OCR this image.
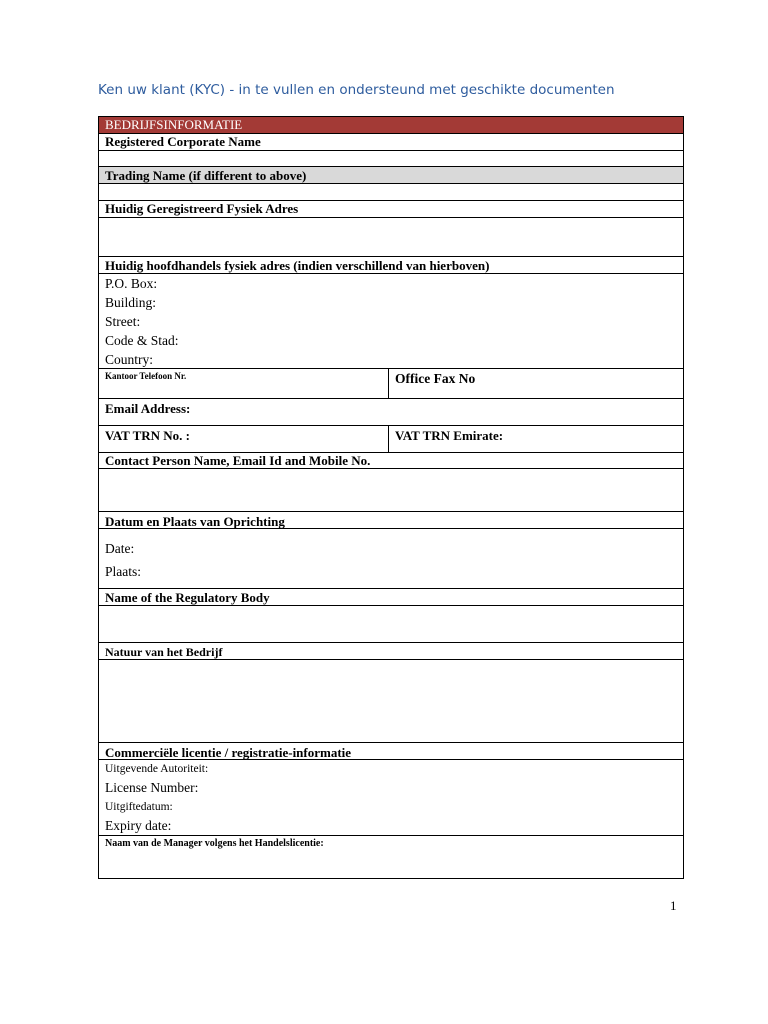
Ken uw klant (KYC) - in te vullen en ondersteund met geschikte documenten
BEDRIJFSINFORMATIE
Registered Corporate Name
Trading Name (if different to above)
Huidig Geregistreerd Fysiek Adres
Huidig hoofdhandels fysiek adres (indien verschillend van hierboven)
P.O. Box:
Building:
Street:
Code & Stad:
Country:
Kantoor Telefoon Nr.	Office Fax No
Email Address:
VAT TRN No. :	VAT TRN Emirate:
Contact Person Name, Email Id and Mobile No.
Datum en Plaats van Oprichting
Date:
Plaats:
Name of the Regulatory Body
Natuur van het Bedrijf
Commerciële licentie / registratie-informatie
Uitgevende Autoriteit:
License Number:
Uitgiftedatum:
Expiry date:
Naam van de Manager volgens het Handelslicentie:
1
